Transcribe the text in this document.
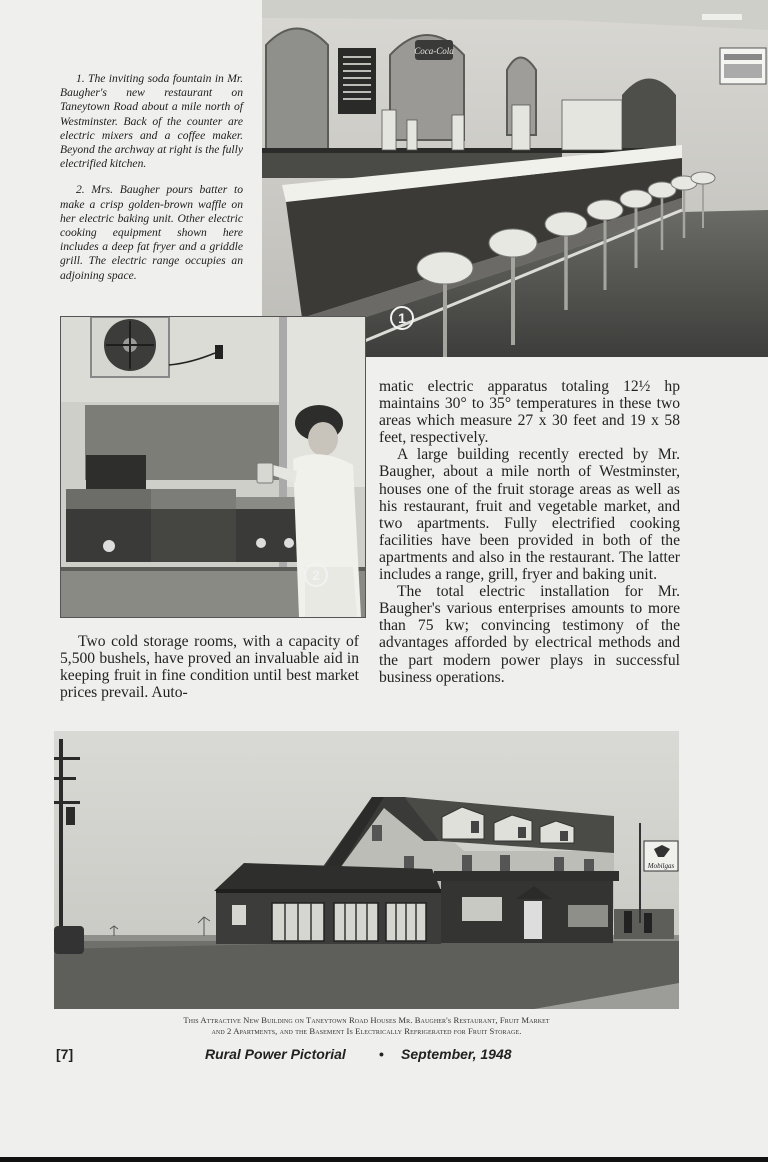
1. The inviting soda fountain in Mr. Baugher's new restaurant on Taneytown Road about a mile north of Westminster. Back of the counter are electric mixers and a coffee maker. Beyond the archway at right is the fully electrified kitchen.

2. Mrs. Baugher pours batter to make a crisp golden-brown waffle on her electric baking unit. Other electric cooking equipment shown here includes a deep fat fryer and a griddle grill. The electric range occupies an adjoining space.

Coca-Cola
1
2

Two cold storage rooms, with a capacity of 5,500 bushels, have proved an invaluable aid in keeping fruit in fine condition until best market prices prevail. Auto-

matic electric apparatus totaling 12½ hp maintains 30° to 35° temperatures in these two areas which measure 27 x 30 feet and 19 x 58 feet, respectively.

A large building recently erected by Mr. Baugher, about a mile north of Westminster, houses one of the fruit storage areas as well as his restaurant, fruit and vegetable market, and two apartments. Fully electrified cooking facilities have been provided in both of the apartments and also in the restaurant. The latter includes a range, grill, fryer and baking unit.

The total electric installation for Mr. Baugher's various enterprises amounts to more than 75 kw; convincing testimony of the advantages afforded by electrical methods and the part modern power plays in successful business operations.

Mobilgas
This Attractive New Building on Taneytown Road Houses Mr. Baugher's Restaurant, Fruit Market
and 2 Apartments, and the Basement Is Electrically Refrigerated for Fruit Storage.
[7]	Rural Power Pictorial • September, 1948
